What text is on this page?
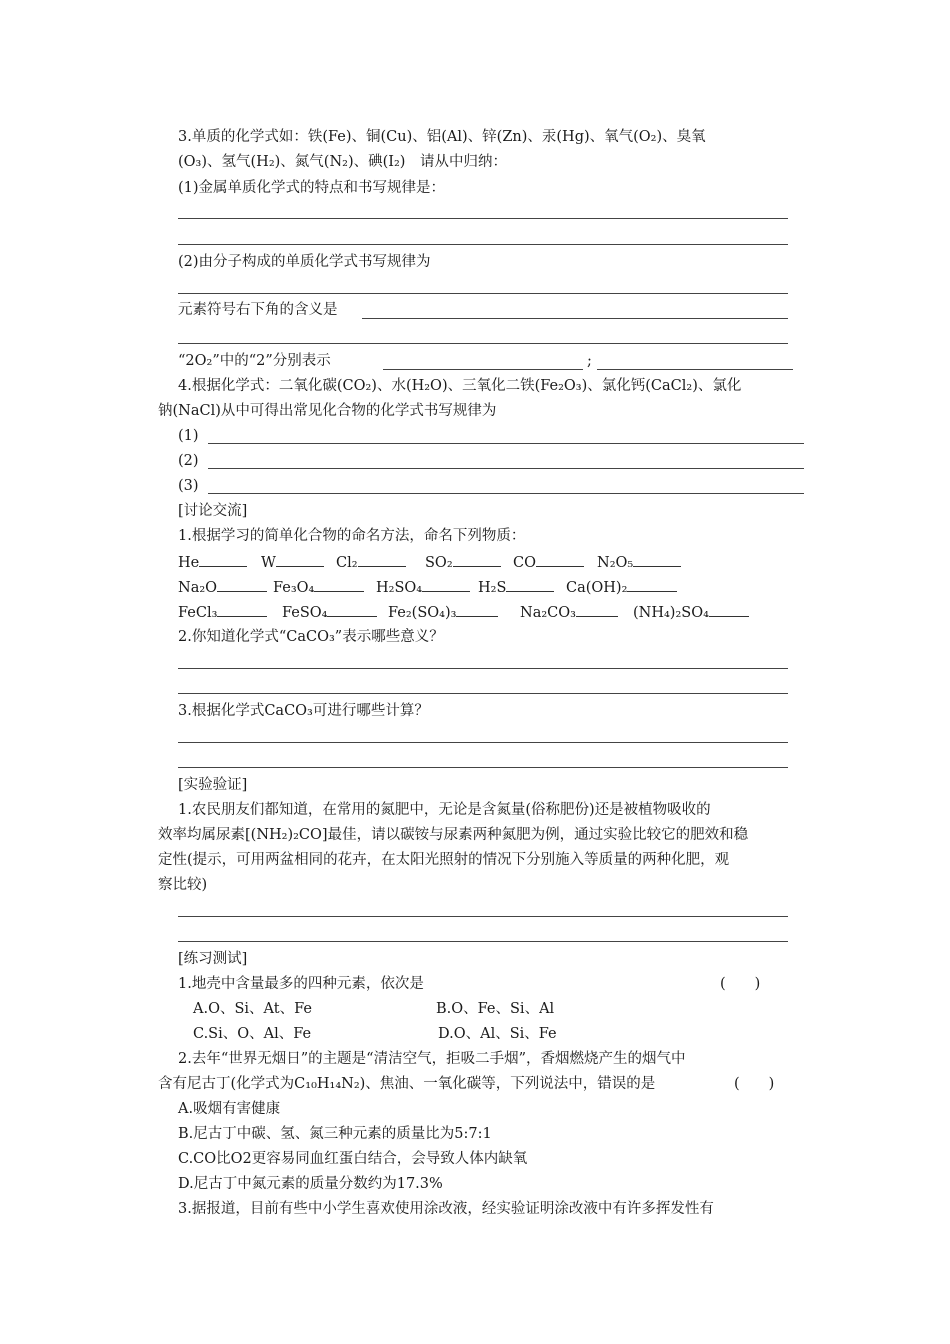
3.单质的化学式如：铁(Fe)、铜(Cu)、铝(Al)、锌(Zn)、汞(Hg)、氧气(O₂)、臭氧
(O₃)、氢气(H₂)、氮气(N₂)、碘(I₂)　请从中归纳：
(1)金属单质化学式的特点和书写规律是：
(2)由分子构成的单质化学式书写规律为
元素符号右下角的含义是
“2O₂”中的“2”分别表示	;
4.根据化学式：二氧化碳(CO₂)、水(H₂O)、三氧化二铁(Fe₂O₃)、氯化钙(CaCl₂)、氯化
钠(NaCl)从中可得出常见化合物的化学式书写规律为
(1)
(2)
(3)
[讨论交流]
1.根据学习的简单化合物的命名方法，命名下列物质：
He	W	Cl₂	SO₂	CO	N₂O₅
Na₂O	Fe₃O₄	H₂SO₄	H₂S	Ca(OH)₂
FeCl₃	FeSO₄	Fe₂(SO₄)₃	Na₂CO₃	(NH₄)₂SO₄
2.你知道化学式“CaCO₃”表示哪些意义？
3.根据化学式CaCO₃可进行哪些计算？
[实验验证]
1.农民朋友们都知道，在常用的氮肥中，无论是含氮量(俗称肥份)还是被植物吸收的
效率均属尿素[(NH₂)₂CO]最佳，请以碳铵与尿素两种氮肥为例，通过实验比较它的肥效和稳
定性(提示，可用两盆相同的花卉，在太阳光照射的情况下分别施入等质量的两种化肥，观
察比较)
[练习测试]
1.地壳中含量最多的四种元素，依次是	(　　)
A.O、Si、At、Fe	B.O、Fe、Si、Al
C.Si、O、Al、Fe	D.O、Al、Si、Fe
2.去年“世界无烟日”的主题是“清洁空气，拒吸二手烟”，香烟燃烧产生的烟气中
含有尼古丁(化学式为C₁₀H₁₄N₂)、焦油、一氧化碳等，下列说法中，错误的是	(　　)
A.吸烟有害健康
B.尼古丁中碳、氢、氮三种元素的质量比为5:7:1
C.CO比O2更容易同血红蛋白结合，会导致人体内缺氧
D.尼古丁中氮元素的质量分数约为17.3%
3.据报道，目前有些中小学生喜欢使用涂改液，经实验证明涂改液中有许多挥发性有
